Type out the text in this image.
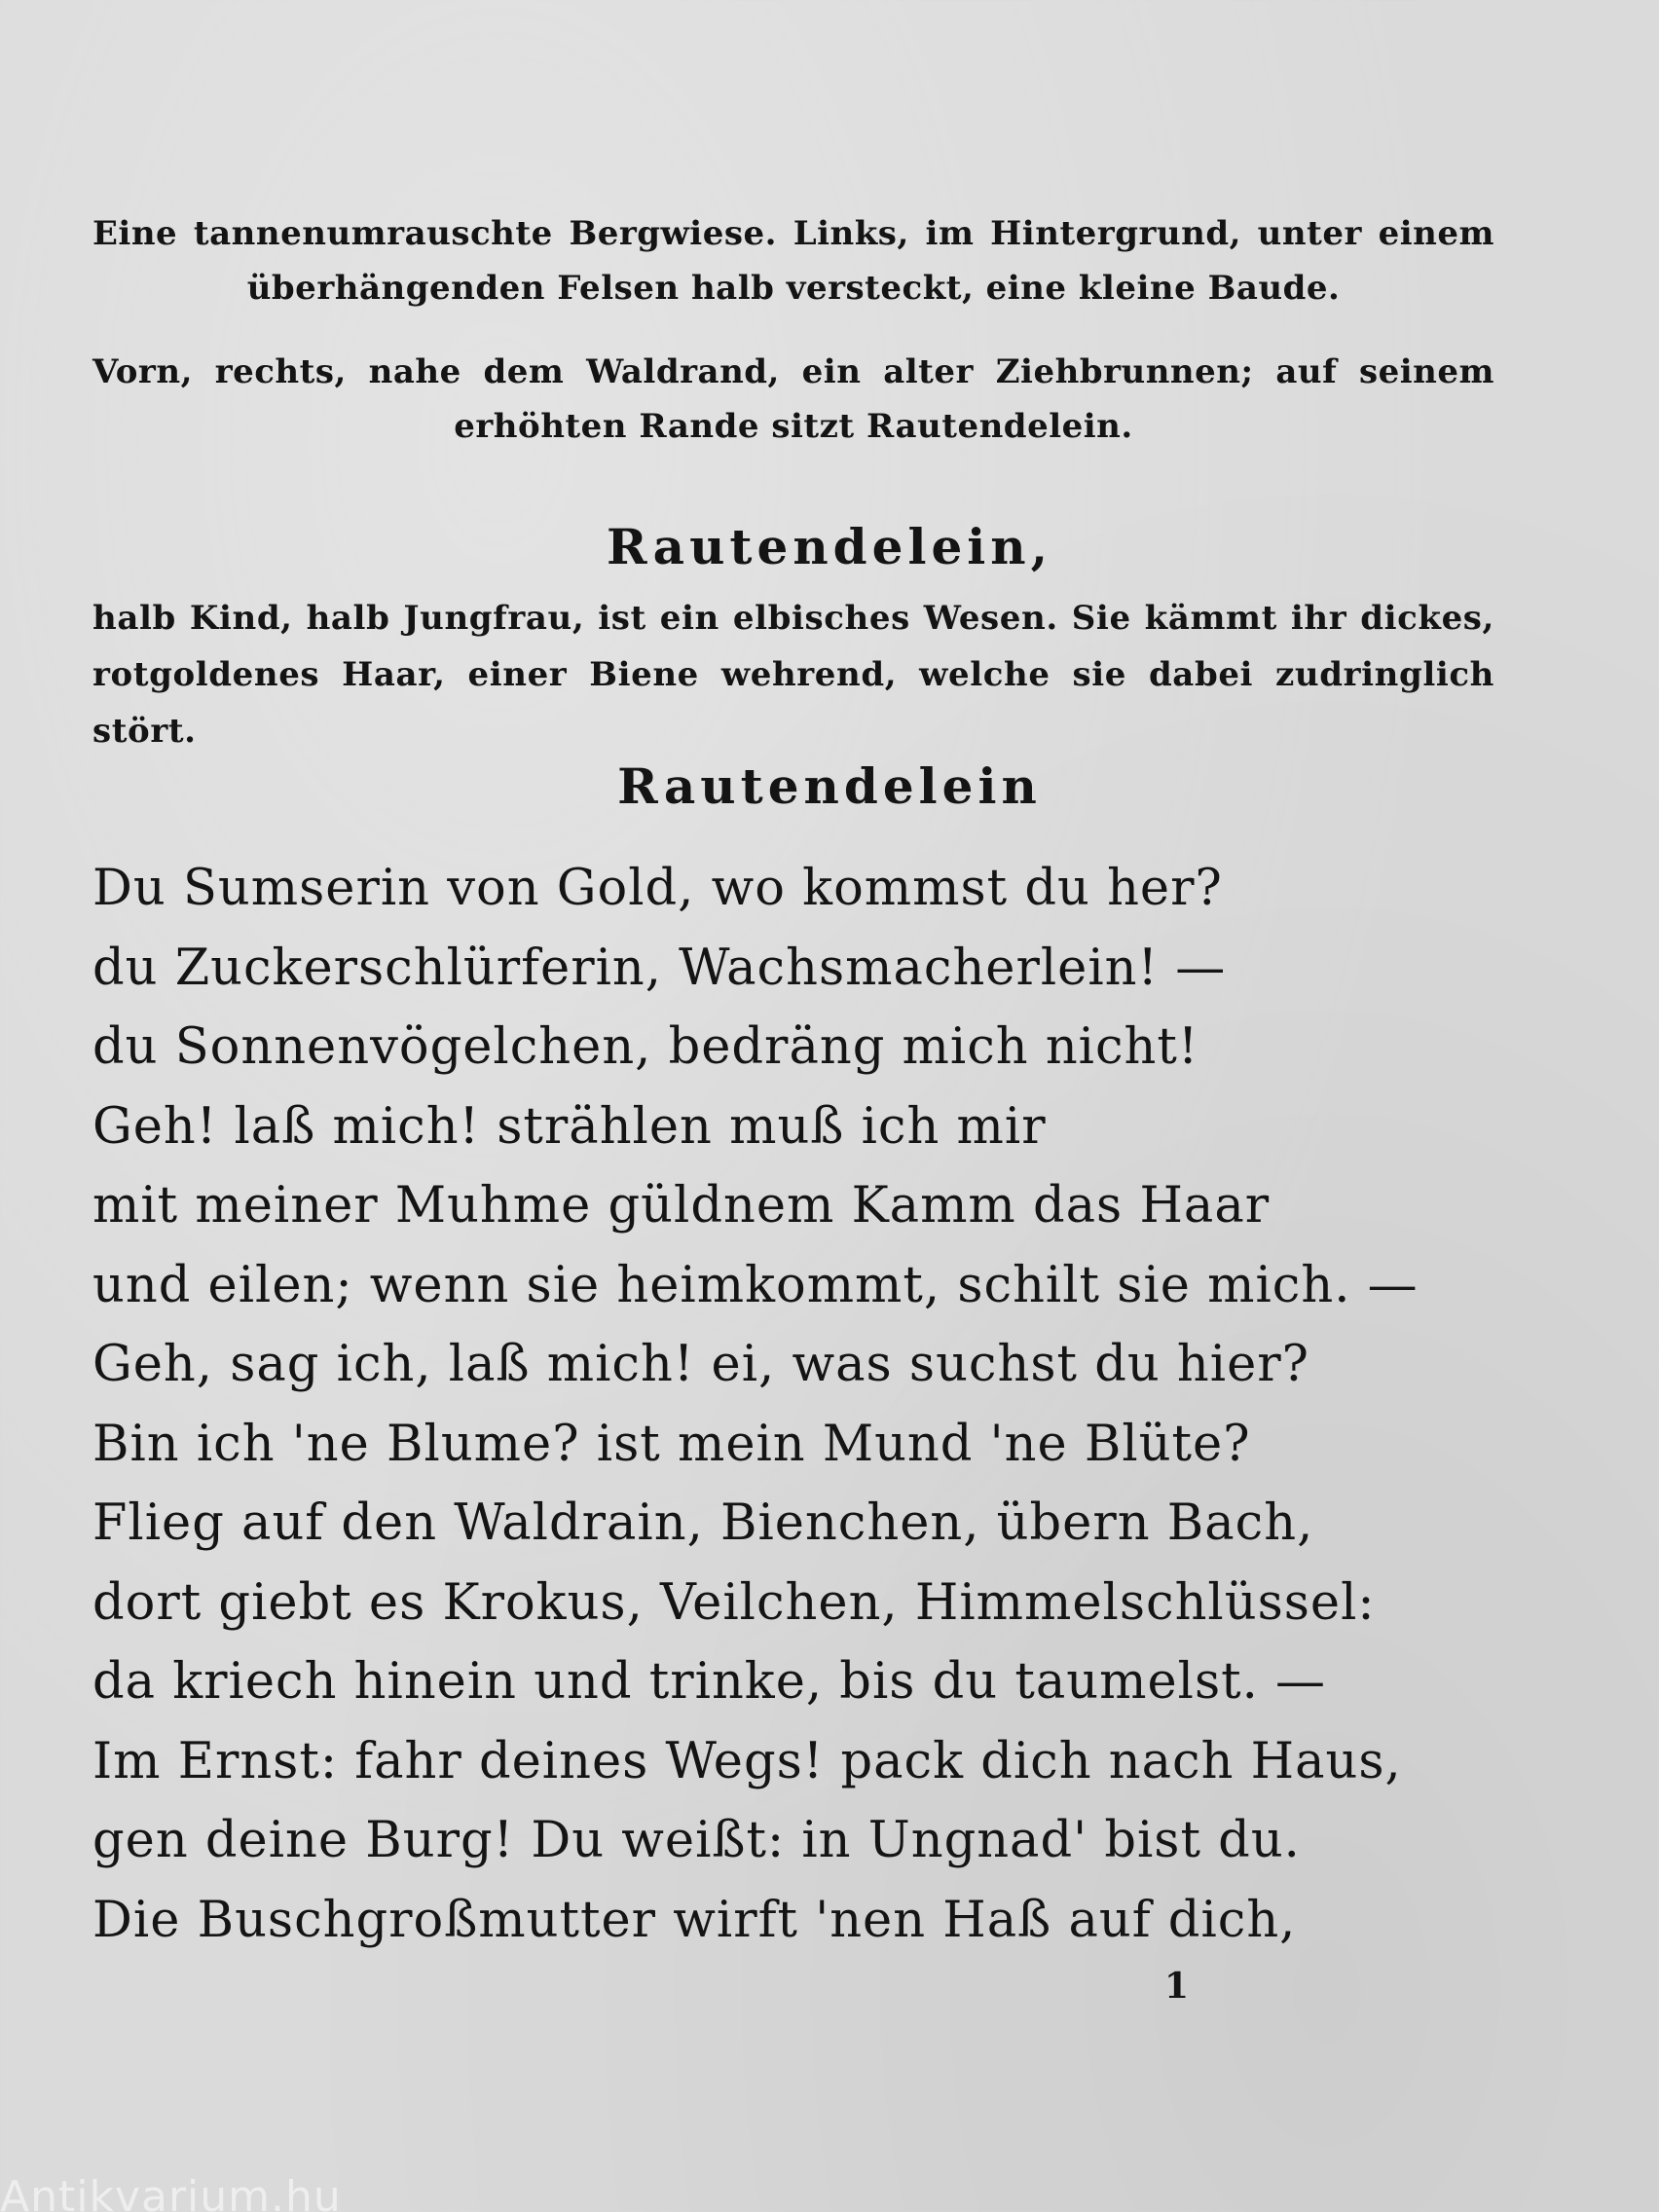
Eine tannenumrauschte Bergwiese. Links, im Hintergrund, unter einem überhängenden Felsen halb versteckt, eine kleine Baude.

Vorn, rechts, nahe dem Waldrand, ein alter Ziehbrunnen; auf seinem erhöhten Rande sitzt Rautendelein.

Rautendelein,
halb Kind, halb Jungfrau, ist ein elbisches Wesen. Sie kämmt ihr dickes, rotgoldenes Haar, einer Biene wehrend, welche sie dabei zudringlich stört.
Rautendelein
Du Sumserin von Gold, wo kommst du her?
du Zuckerschlürferin, Wachsmacherlein! —
du Sonnenvögelchen, bedräng mich nicht!
Geh! laß mich! strählen muß ich mir
mit meiner Muhme güldnem Kamm das Haar
und eilen; wenn sie heimkommt, schilt sie mich. —
Geh, sag ich, laß mich! ei, was suchst du hier?
Bin ich 'ne Blume? ist mein Mund 'ne Blüte?
Flieg auf den Waldrain, Bienchen, übern Bach,
dort giebt es Krokus, Veilchen, Himmelschlüssel:
da kriech hinein und trinke, bis du taumelst. —
Im Ernst: fahr deines Wegs! pack dich nach Haus,
gen deine Burg! Du weißt: in Ungnad' bist du.
Die Buschgroßmutter wirft 'nen Haß auf dich,
1
Antikvarium.hu
